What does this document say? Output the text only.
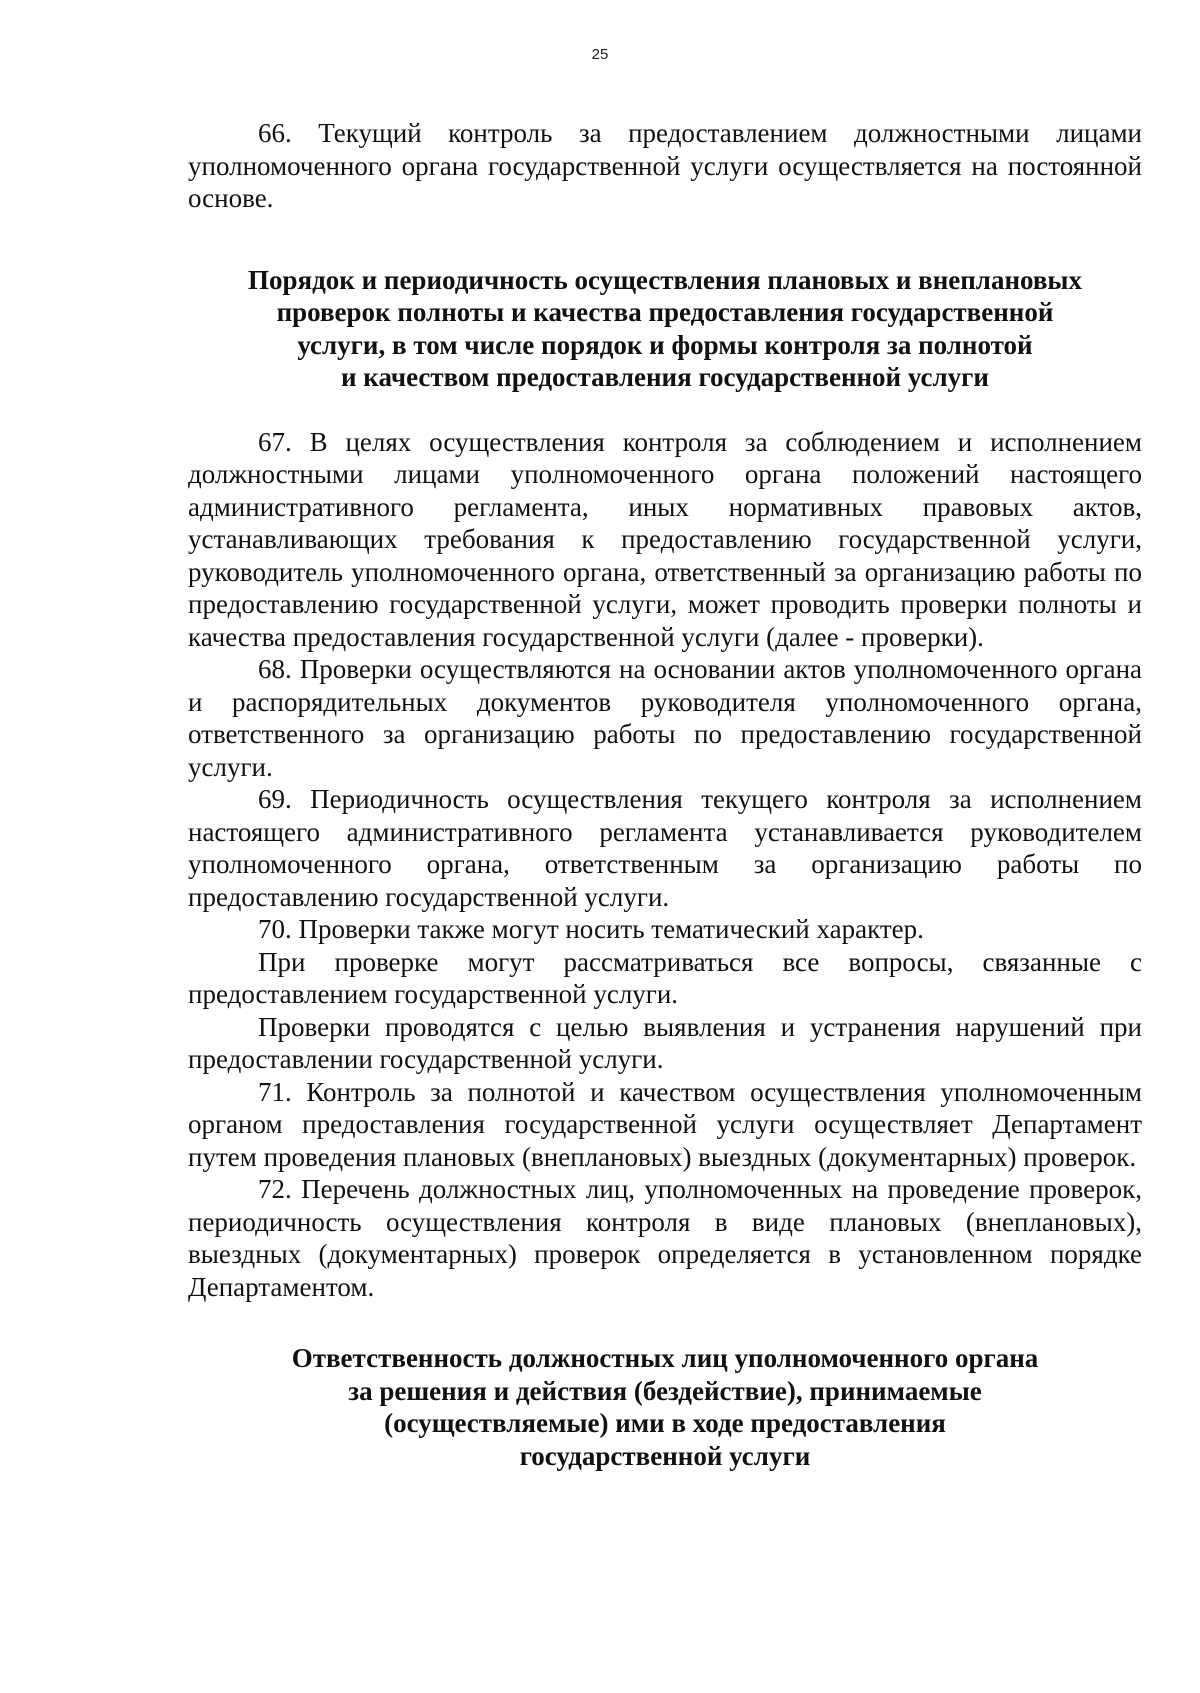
25

66. Текущий контроль за предоставлением должностными лицами уполномоченного органа государственной услуги осуществляется на постоянной основе.

Порядок и периодичность осуществления плановых и внеплановых
проверок полноты и качества предоставления государственной
услуги, в том числе порядок и формы контроля за полнотой
и качеством предоставления государственной услуги

67. В целях осуществления контроля за соблюдением и исполнением должностными лицами уполномоченного органа положений настоящего административного регламента, иных нормативных правовых актов, устанавливающих требования к предоставлению государственной услуги, руководитель уполномоченного органа, ответственный за организацию работы по предоставлению государственной услуги, может проводить проверки полноты и качества предоставления государственной услуги (далее - проверки).

68. Проверки осуществляются на основании актов уполномоченного органа и распорядительных документов руководителя уполномоченного органа, ответственного за организацию работы по предоставлению государственной услуги.

69. Периодичность осуществления текущего контроля за исполнением настоящего административного регламента устанавливается руководителем уполномоченного органа, ответственным за организацию работы по предоставлению государственной услуги.

70. Проверки также могут носить тематический характер.

При проверке могут рассматриваться все вопросы, связанные с предоставлением государственной услуги.

Проверки проводятся с целью выявления и устранения нарушений при предоставлении государственной услуги.

71. Контроль за полнотой и качеством осуществления уполномоченным органом предоставления государственной услуги осуществляет Департамент путем проведения плановых (внеплановых) выездных (документарных) проверок.

72. Перечень должностных лиц, уполномоченных на проведение проверок, периодичность осуществления контроля в виде плановых (внеплановых), выездных (документарных) проверок определяется в установленном порядке Департаментом.

Ответственность должностных лиц уполномоченного органа
за решения и действия (бездействие), принимаемые
(осуществляемые) ими в ходе предоставления
государственной услуги
